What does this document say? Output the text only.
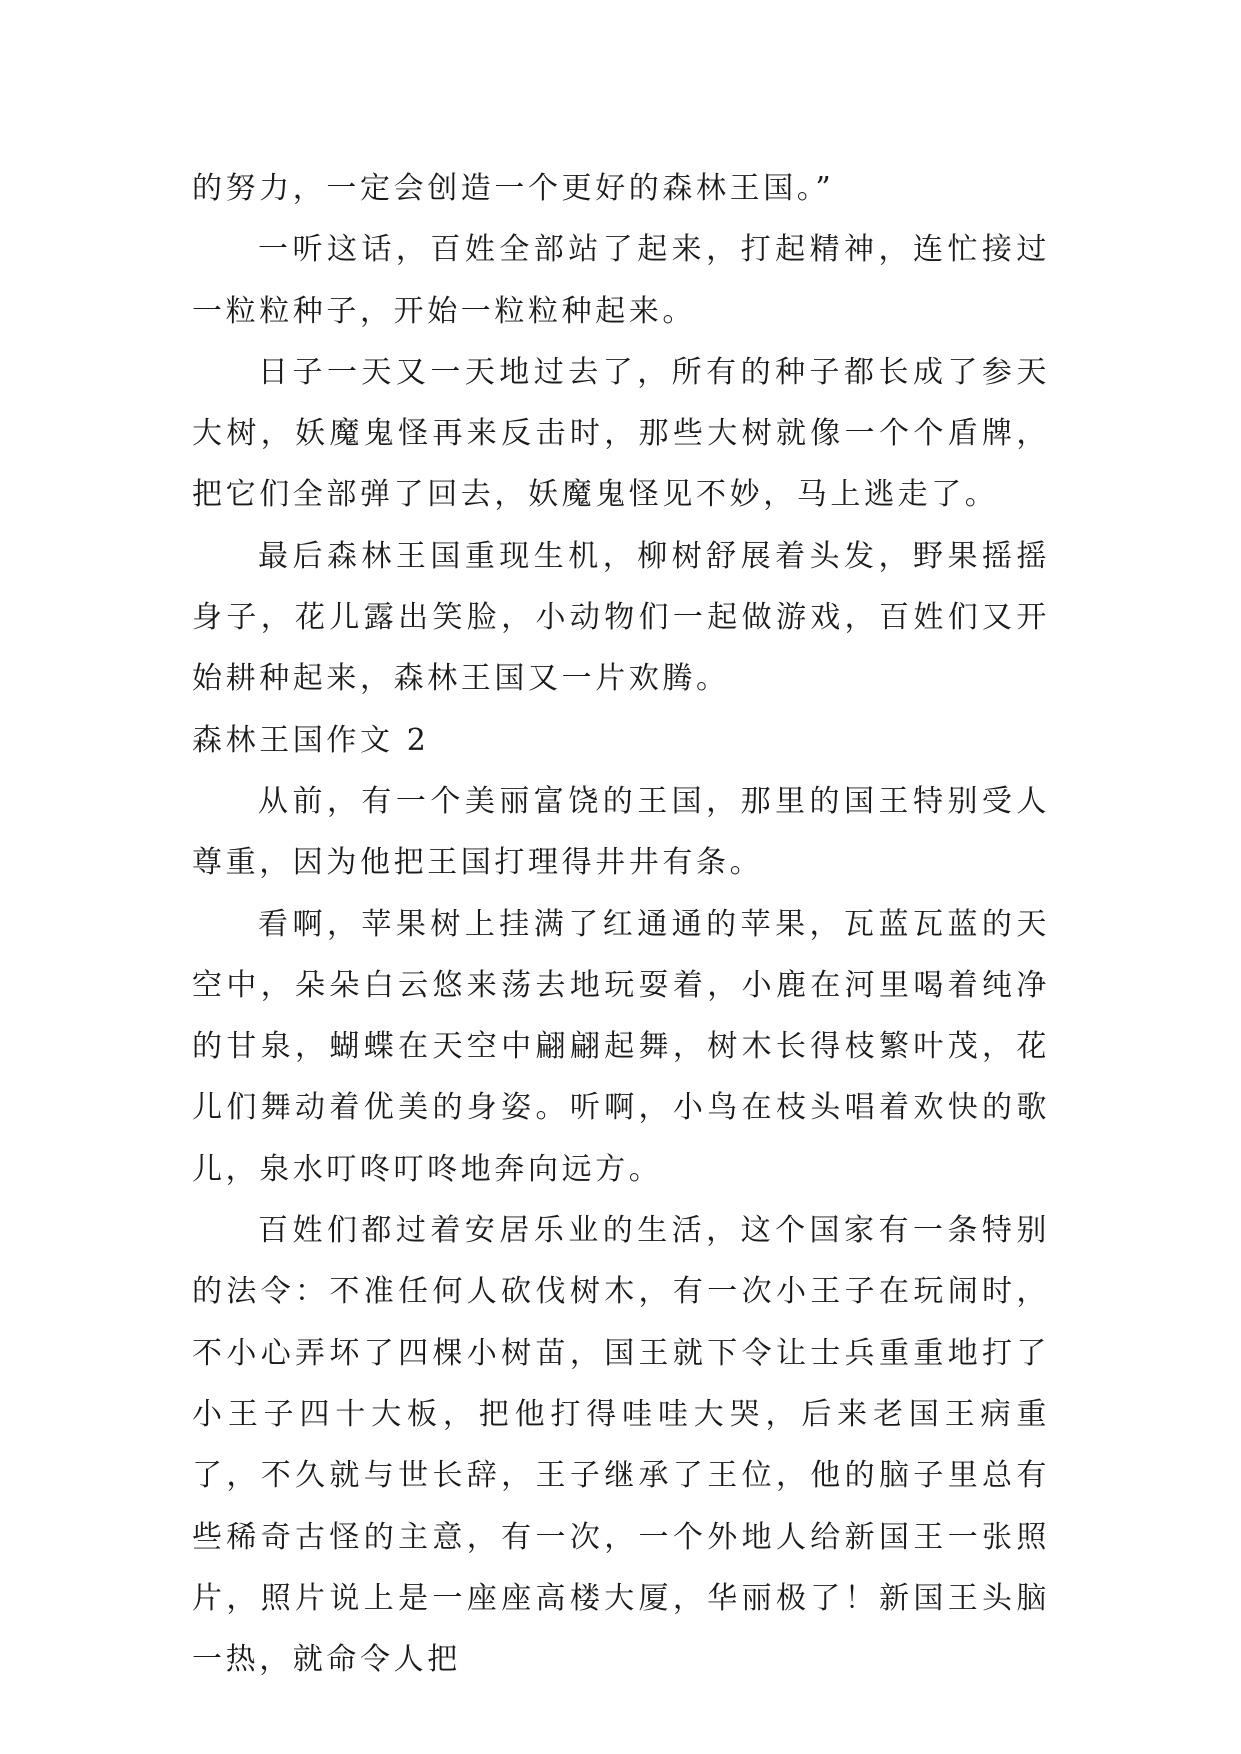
的努力，一定会创造一个更好的森林王国。”

一听这话，百姓全部站了起来，打起精神，连忙接过一粒粒种子，开始一粒粒种起来。

日子一天又一天地过去了，所有的种子都长成了参天大树，妖魔鬼怪再来反击时，那些大树就像一个个盾牌，把它们全部弹了回去，妖魔鬼怪见不妙，马上逃走了。

最后森林王国重现生机，柳树舒展着头发，野果摇摇身子，花儿露出笑脸，小动物们一起做游戏，百姓们又开始耕种起来，森林王国又一片欢腾。

森林王国作文 2

从前，有一个美丽富饶的王国，那里的国王特别受人尊重，因为他把王国打理得井井有条。

看啊，苹果树上挂满了红通通的苹果，瓦蓝瓦蓝的天空中，朵朵白云悠来荡去地玩耍着，小鹿在河里喝着纯净的甘泉，蝴蝶在天空中翩翩起舞，树木长得枝繁叶茂，花儿们舞动着优美的身姿。听啊，小鸟在枝头唱着欢快的歌儿，泉水叮咚叮咚地奔向远方。

百姓们都过着安居乐业的生活，这个国家有一条特别的法令：不准任何人砍伐树木，有一次小王子在玩闹时，不小心弄坏了四棵小树苗，国王就下令让士兵重重地打了小王子四十大板，把他打得哇哇大哭，后来老国王病重了，不久就与世长辞，王子继承了王位，他的脑子里总有些稀奇古怪的主意，有一次，一个外地人给新国王一张照片，照片说上是一座座高楼大厦，华丽极了！新国王头脑一热，就命令人把
